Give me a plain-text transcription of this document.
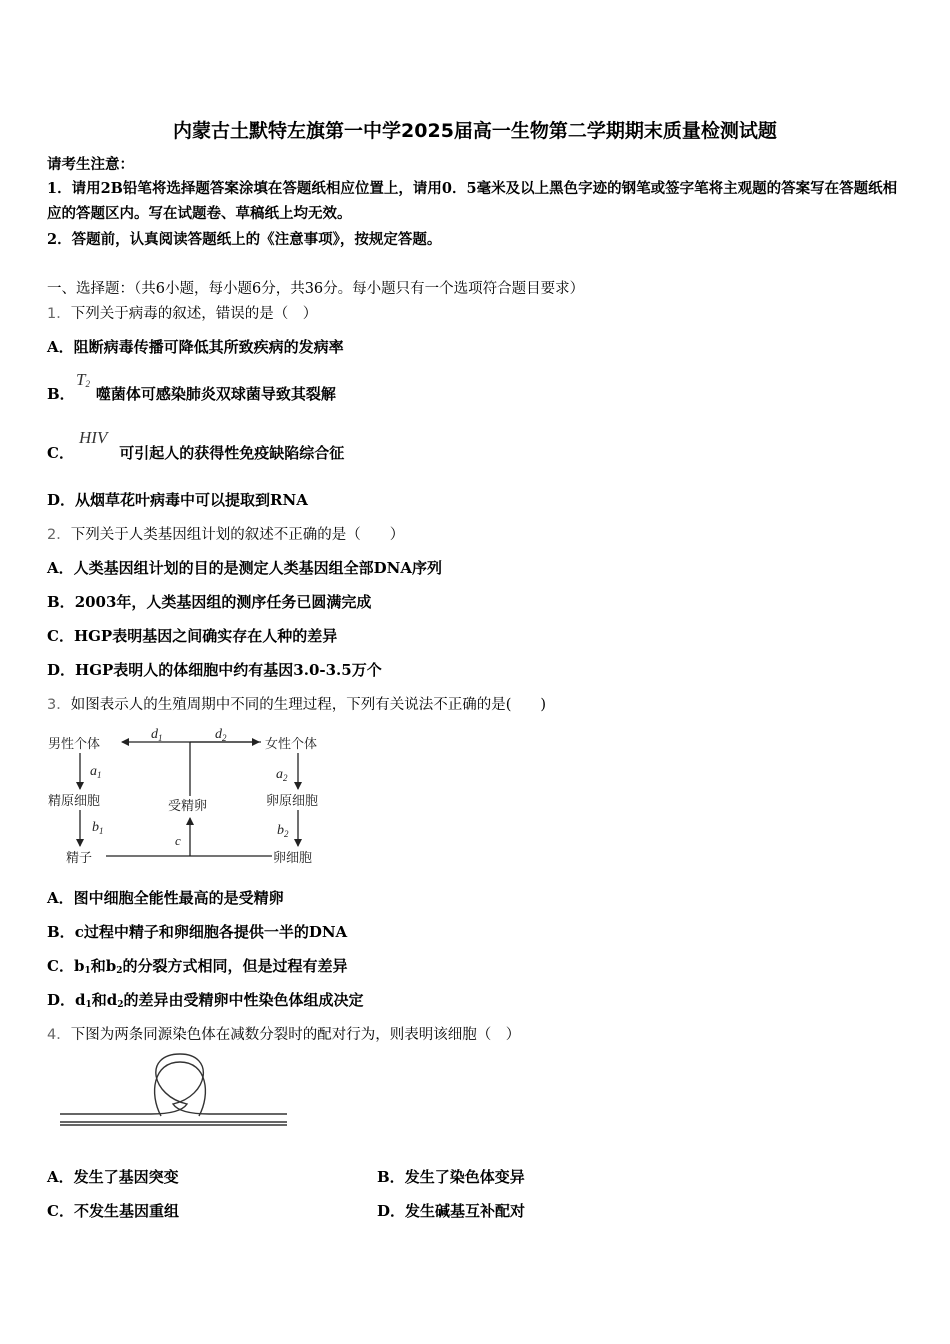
内蒙古土默特左旗第一中学2025届高一生物第二学期期末质量检测试题
请考生注意：
1．请用2B铅笔将选择题答案涂填在答题纸相应位置上，请用0．5毫米及以上黑色字迹的钢笔或签字笔将主观题的答案写在答题纸相应的答题区内。写在试题卷、草稿纸上均无效。
2．答题前，认真阅读答题纸上的《注意事项》，按规定答题。
一、选择题：（共6小题，每小题6分，共36分。每小题只有一个选项符合题目要求）
1．下列关于病毒的叙述，错误的是（　）
A．阻断病毒传播可降低其所致疾病的发病率
$T_2$
B． 噬菌体可感染肺炎双球菌导致其裂解
HIV
C．	可引起人的获得性免疫缺陷综合征
D．从烟草花叶病毒中可以提取到RNA
2．下列关于人类基因组计划的叙述不正确的是（　　）
A．人类基因组计划的目的是测定人类基因组全部DNA序列
B．2003年，人类基因组的测序任务已圆满完成
C．HGP表明基因之间确实存在人种的差异
D．HGP表明人的体细胞中约有基因3.0-3.5万个
3．如图表示人的生殖周期中不同的生理过程，下列有关说法不正确的是(　　)
男性个体	女性个体
$d_1$	$d_2$
受精卵
c
$a_1$
精原细胞
$b_1$
精子
$a_2$
卵原细胞
$b_2$
卵细胞
A．图中细胞全能性最高的是受精卵
B．c过程中精子和卵细胞各提供一半的DNA
C．$b_1$和$b_2$的分裂方式相同，但是过程有差异
D．$d_1$和$d_2$的差异由受精卵中性染色体组成决定
4．下图为两条同源染色体在减数分裂时的配对行为，则表明该细胞（　）
A．发生了基因突变	B．发生了染色体变异
C．不发生基因重组	D．发生碱基互补配对
